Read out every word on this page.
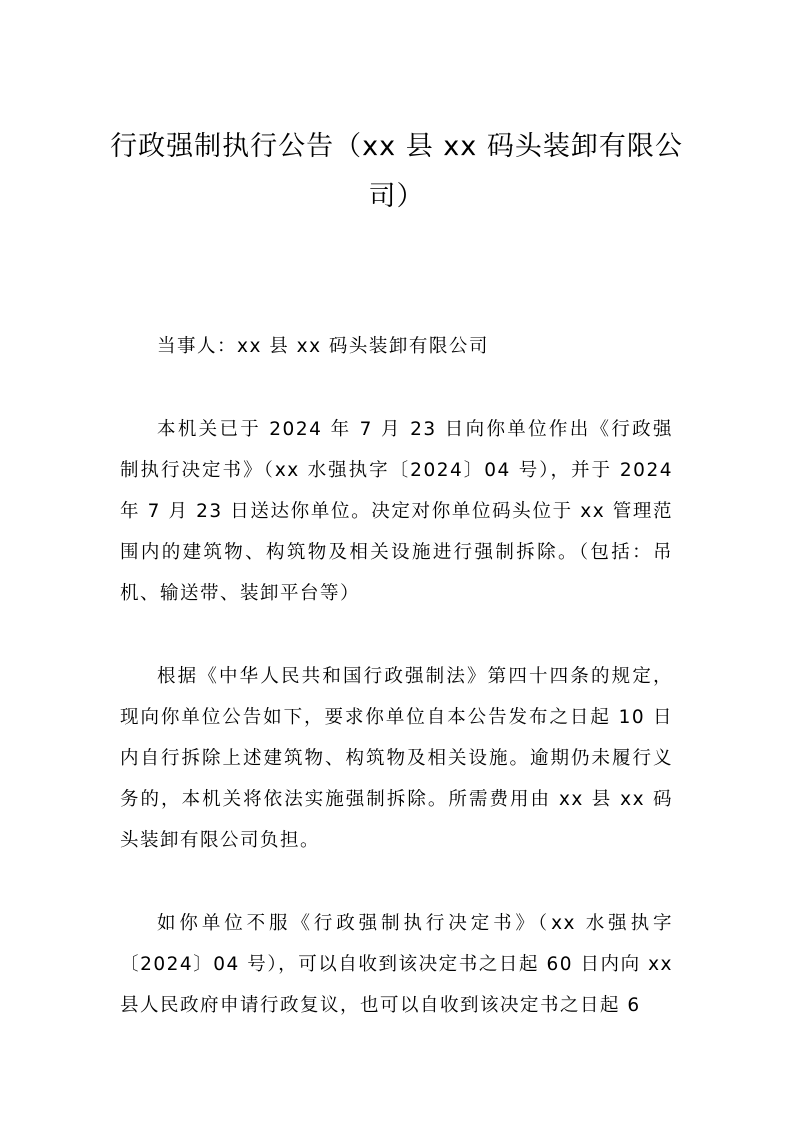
行政强制执行公告（xx 县 xx 码头装卸有限公司）

当事人：xx 县 xx 码头装卸有限公司

本机关已于 2024 年 7 月 23 日向你单位作出《行政强制执行决定书》（xx 水强执字〔2024〕04 号），并于 2024 年 7 月 23 日送达你单位。决定对你单位码头位于 xx 管理范围内的建筑物、构筑物及相关设施进行强制拆除。（包括：吊机、输送带、装卸平台等）

根据《中华人民共和国行政强制法》第四十四条的规定，现向你单位公告如下，要求你单位自本公告发布之日起 10 日内自行拆除上述建筑物、构筑物及相关设施。逾期仍未履行义务的，本机关将依法实施强制拆除。所需费用由 xx 县 xx 码头装卸有限公司负担。

如你单位不服《行政强制执行决定书》（xx 水强执字〔2024〕04 号），可以自收到该决定书之日起 60 日内向 xx 县人民政府申请行政复议，也可以自收到该决定书之日起 6
